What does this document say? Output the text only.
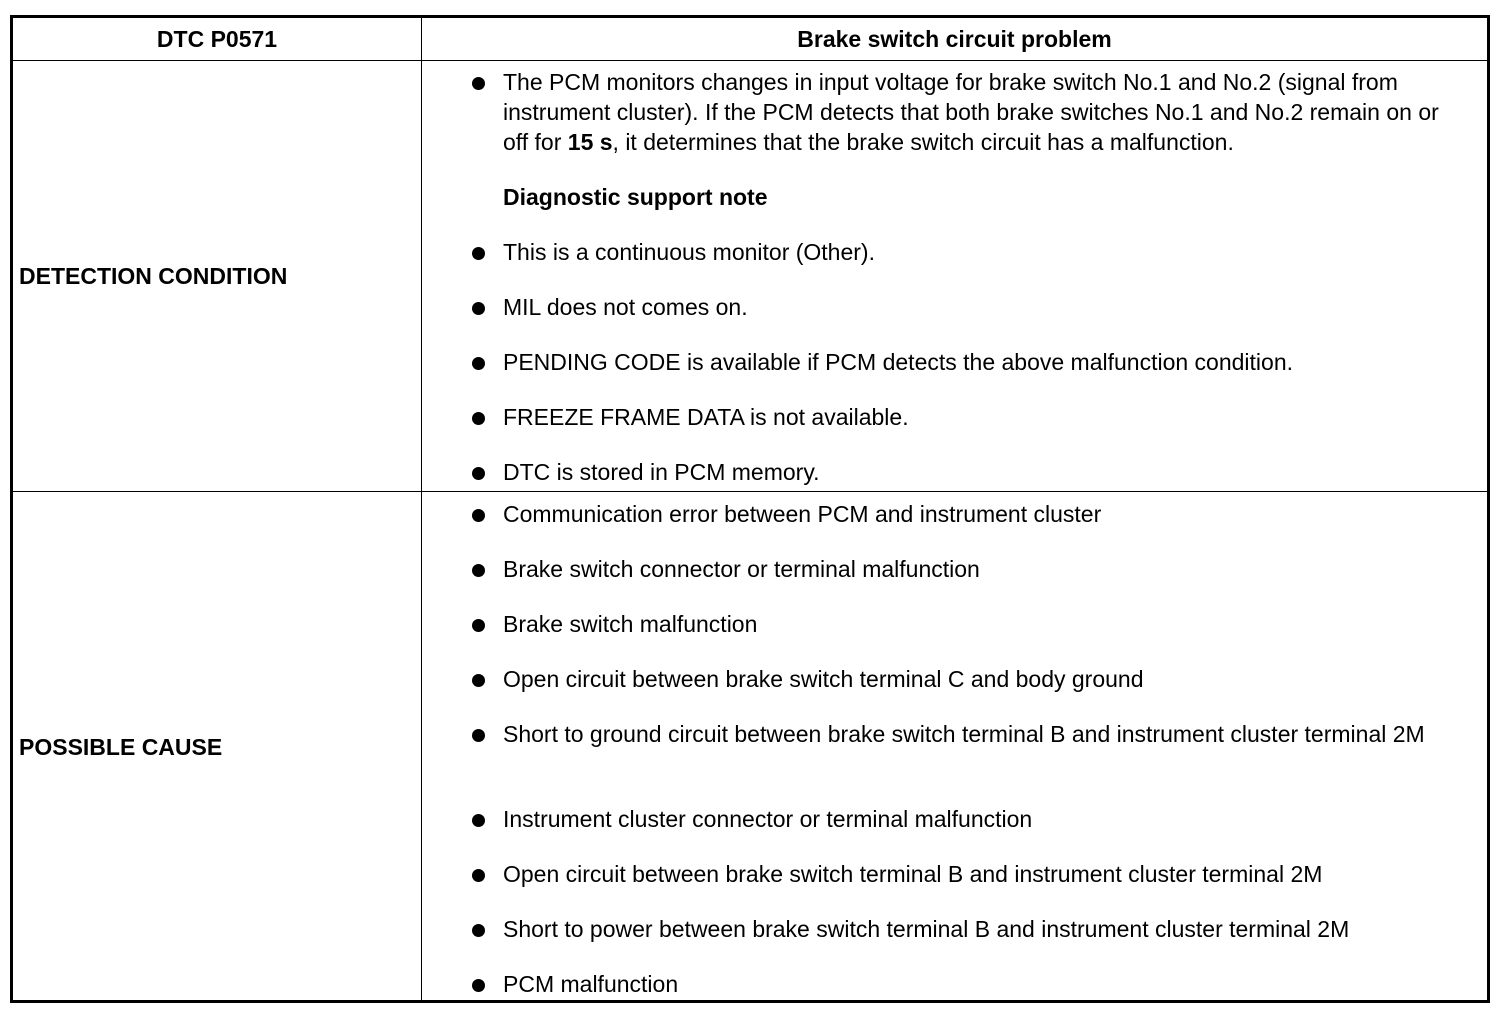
DTC P0571	Brake switch circuit problem
DETECTION CONDITION
The PCM monitors changes in input voltage for brake switch No.1 and No.2 (signal from instrument cluster). If the PCM detects that both brake switches No.1 and No.2 remain on or off for 15 s, it determines that the brake switch circuit has a malfunction.
Diagnostic support note
This is a continuous monitor (Other).
MIL does not comes on.
PENDING CODE is available if PCM detects the above malfunction condition.
FREEZE FRAME DATA is not available.
DTC is stored in PCM memory.
POSSIBLE CAUSE
Communication error between PCM and instrument cluster
Brake switch connector or terminal malfunction
Brake switch malfunction
Open circuit between brake switch terminal C and body ground
Short to ground circuit between brake switch terminal B and instrument cluster terminal 2M
Instrument cluster connector or terminal malfunction
Open circuit between brake switch terminal B and instrument cluster terminal 2M
Short to power between brake switch terminal B and instrument cluster terminal 2M
PCM malfunction
